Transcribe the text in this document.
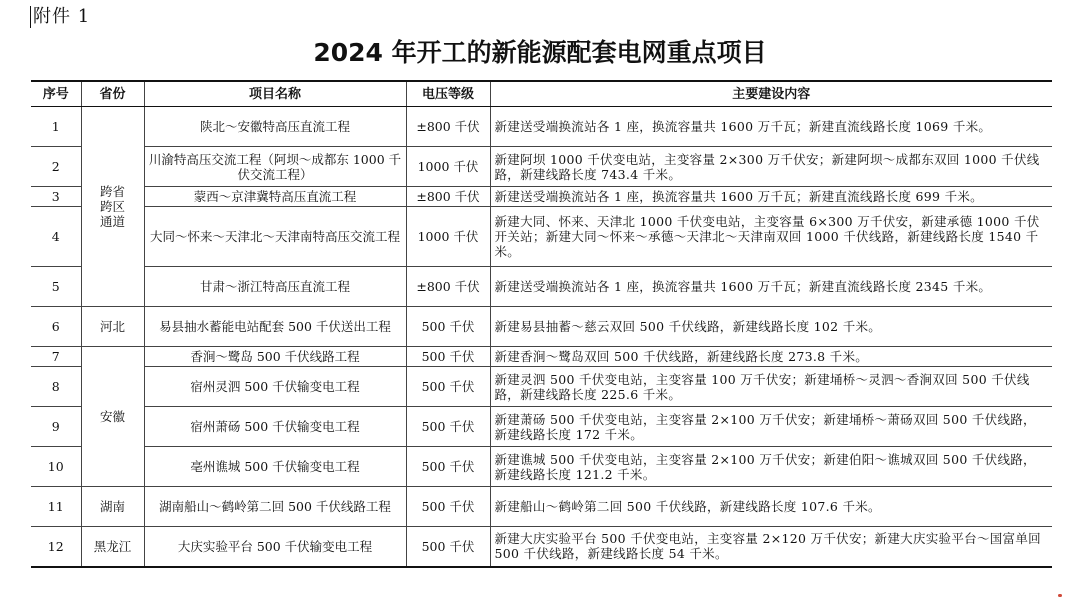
附件 1
2024 年开工的新能源配套电网重点项目
序号	省份	项目名称	电压等级	主要建设内容
1	跨省
跨区
通道	陕北～安徽特高压直流工程	±800 千伏	新建送受端换流站各 1 座，换流容量共 1600 万千瓦；新建直流线路长度 1069 千米。
2		川渝特高压交流工程（阿坝～成都东 1000 千伏交流工程）	1000 千伏	新建阿坝 1000 千伏变电站，主变容量 2×300 万千伏安；新建阿坝～成都东双回 1000 千伏线路，新建线路长度 743.4 千米。
3		蒙西～京津冀特高压直流工程	±800 千伏	新建送受端换流站各 1 座，换流容量共 1600 万千瓦；新建直流线路长度 699 千米。
4		大同～怀来～天津北～天津南特高压交流工程	1000 千伏	新建大同、怀来、天津北 1000 千伏变电站，主变容量 6×300 万千伏安，新建承德 1000 千伏开关站；新建大同～怀来～承德～天津北～天津南双回 1000 千伏线路，新建线路长度 1540 千米。
5		甘肃～浙江特高压直流工程	±800 千伏	新建送受端换流站各 1 座，换流容量共 1600 万千瓦；新建直流线路长度 2345 千米。
6	河北	易县抽水蓄能电站配套 500 千伏送出工程	500 千伏	新建易县抽蓄～慈云双回 500 千伏线路，新建线路长度 102 千米。
7	安徽	香涧～鹭岛 500 千伏线路工程	500 千伏	新建香涧～鹭岛双回 500 千伏线路，新建线路长度 273.8 千米。
8		宿州灵泗 500 千伏输变电工程	500 千伏	新建灵泗 500 千伏变电站，主变容量 100 万千伏安；新建埇桥～灵泗～香涧双回 500 千伏线路，新建线路长度 225.6 千米。
9		宿州萧砀 500 千伏输变电工程	500 千伏	新建萧砀 500 千伏变电站，主变容量 2×100 万千伏安；新建埇桥～萧砀双回 500 千伏线路，新建线路长度 172 千米。
10		亳州谯城 500 千伏输变电工程	500 千伏	新建谯城 500 千伏变电站，主变容量 2×100 万千伏安；新建伯阳～谯城双回 500 千伏线路，新建线路长度 121.2 千米。
11	湖南	湖南船山～鹤岭第二回 500 千伏线路工程	500 千伏	新建船山～鹤岭第二回 500 千伏线路，新建线路长度 107.6 千米。
12	黑龙江	大庆实验平台 500 千伏输变电工程	500 千伏	新建大庆实验平台 500 千伏变电站，主变容量 2×120 万千伏安；新建大庆实验平台～国富单回 500 千伏线路，新建线路长度 54 千米。
